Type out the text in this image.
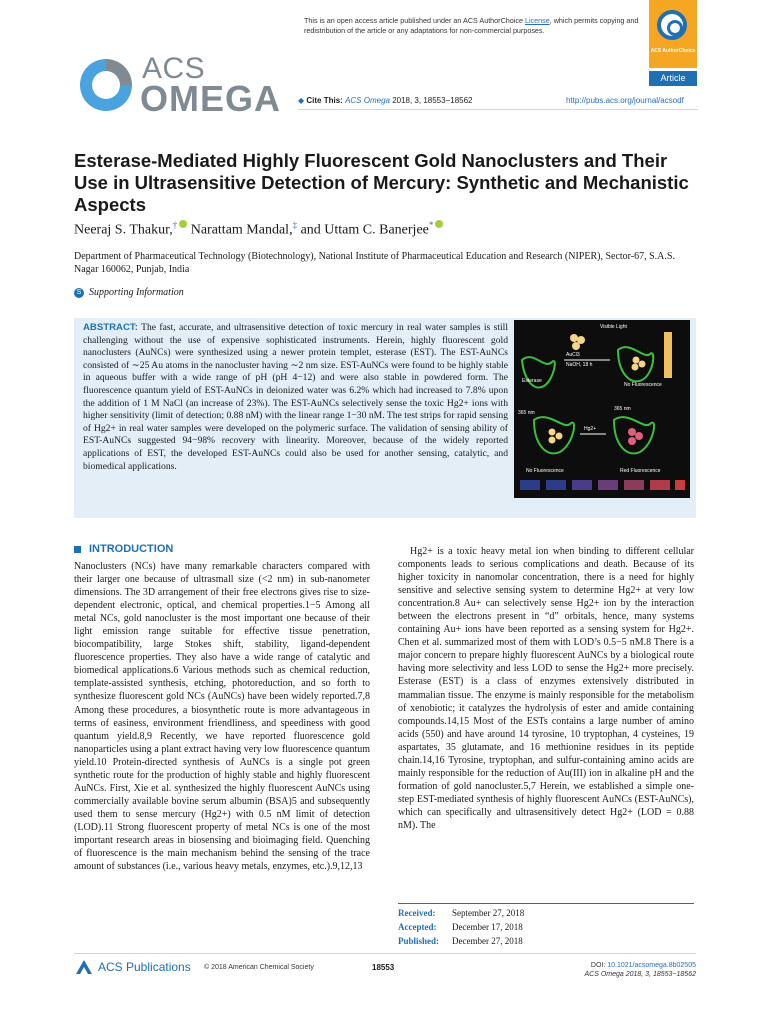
This is an open access article published under an ACS AuthorChoice License, which permits copying and redistribution of the article or any adaptations for non-commercial purposes.
ACS AuthorChoice
ACS
OMEGA ◆ Cite This: ACS Omega 2018, 3, 18553−18562
Article
http://pubs.acs.org/journal/acsodf
Esterase-Mediated Highly Fluorescent Gold Nanoclusters and Their Use in Ultrasensitive Detection of Mercury: Synthetic and Mechanistic Aspects
Neeraj S. Thakur,† Narattam Mandal,‡ and Uttam C. Banerjee*
Department of Pharmaceutical Technology (Biotechnology), National Institute of Pharmaceutical Education and Research (NIPER), Sector-67, S.A.S. Nagar 160062, Punjab, India
S Supporting Information
ABSTRACT: The fast, accurate, and ultrasensitive detection of toxic mercury in real water samples is still challenging without the use of expensive sophisticated instruments. Herein, highly fluorescent gold nanoclusters (AuNCs) were synthesized using a newer protein templet, esterase (EST). The EST-AuNCs consisted of ∼25 Au atoms in the nanocluster having ∼2 nm size. EST-AuNCs were found to be highly stable in aqueous buffer with a wide range of pH (pH 4−12) and were also stable in powdered form. The fluorescence quantum yield of EST-AuNCs in deionized water was 6.2% which had increased to 7.8% upon the addition of 1 M NaCl (an increase of 23%). The EST-AuNCs selectively sense the toxic Hg2+ ions with higher sensitivity (limit of detection; 0.88 nM) with the linear range 1−30 nM. The test strips for rapid sensing of Hg2+ in real water samples were developed on the polymeric surface. The validation of sensing ability of EST-AuNCs suggested 94−98% recovery with linearity. Moreover, because of the widely reported applications of EST, the developed EST-AuNCs could also be used for another sensing, catalytic, and biomedical applications.
Visible Light
AuCl3
NaOH, 18 h
Esterase
No Fluorescence
365 nm
365 nm
Hg2+
No Fluorescence	Red Fluorescence
INTRODUCTION
Nanoclusters (NCs) have many remarkable characters compared with their larger one because of ultrasmall size (<2 nm) in sub-nanometer dimensions. The 3D arrangement of their free electrons gives rise to size-dependent electronic, optical, and chemical properties.1−5 Among all metal NCs, gold nanocluster is the most important one because of their light emission range suitable for effective tissue penetration, biocompatibility, large Stokes shift, stability, ligand-dependent fluorescence properties. They also have a wide range of catalytic and biomedical applications.6 Various methods such as chemical reduction, template-assisted synthesis, etching, photoreduction, and so forth to synthesize fluorescent gold NCs (AuNCs) have been widely reported.7,8 Among these procedures, a biosynthetic route is more advantageous in terms of easiness, environment friendliness, and speediness with good quantum yield.8,9 Recently, we have reported fluorescence gold nanoparticles using a plant extract having very low fluorescence quantum yield.10 Protein-directed synthesis of AuNCs is a single pot green synthetic route for the production of highly stable and highly fluorescent AuNCs. First, Xie et al. synthesized the highly fluorescent AuNCs using commercially available bovine serum albumin (BSA)5 and subsequently used them to sense mercury (Hg2+) with 0.5 nM limit of detection (LOD).11 Strong fluorescent property of metal NCs is one of the most important research areas in biosensing and bioimaging field. Quenching of fluorescence is the main mechanism behind the sensing of the trace amount of substances (i.e., various heavy metals, enzymes, etc.).9,12,13
Hg2+ is a toxic heavy metal ion when binding to different cellular components leads to serious complications and death. Because of its higher toxicity in nanomolar concentration, there is a need for highly sensitive and selective sensing system to determine Hg2+ at very low concentration.8 Au+ can selectively sense Hg2+ ion by the interaction between the electrons present in “d” orbitals, hence, many systems containing Au+ ions have been reported as a sensing system for Hg2+. Chen et al. summarized most of them with LOD’s 0.5−5 nM.8 There is a major concern to prepare highly fluorescent AuNCs by a biological route having more selectivity and less LOD to sense the Hg2+ more precisely. Esterase (EST) is a class of enzymes extensively distributed in mammalian tissue. The enzyme is mainly responsible for the metabolism of xenobiotic; it catalyzes the hydrolysis of ester and amide containing compounds.14,15 Most of the ESTs contains a large number of amino acids (550) and have around 14 tyrosine, 10 tryptophan, 4 cysteines, 19 aspartates, 35 glutamate, and 16 methionine residues in its peptide chain.14,16 Tyrosine, tryptophan, and sulfur-containing amino acids are mainly responsible for the reduction of Au(III) ion in alkaline pH and the formation of gold nanocluster.5,7 Herein, we established a simple one-step EST-mediated synthesis of highly fluorescent AuNCs (EST-AuNCs), which can specifically and ultrasensitively detect Hg2+ (LOD = 0.88 nM). The
Received: September 27, 2018
Accepted: December 17, 2018
Published: December 27, 2018
ACS Publications © 2018 American Chemical Society	18553	DOI: 10.1021/acsomega.8b02505
ACS Omega 2018, 3, 18553−18562
